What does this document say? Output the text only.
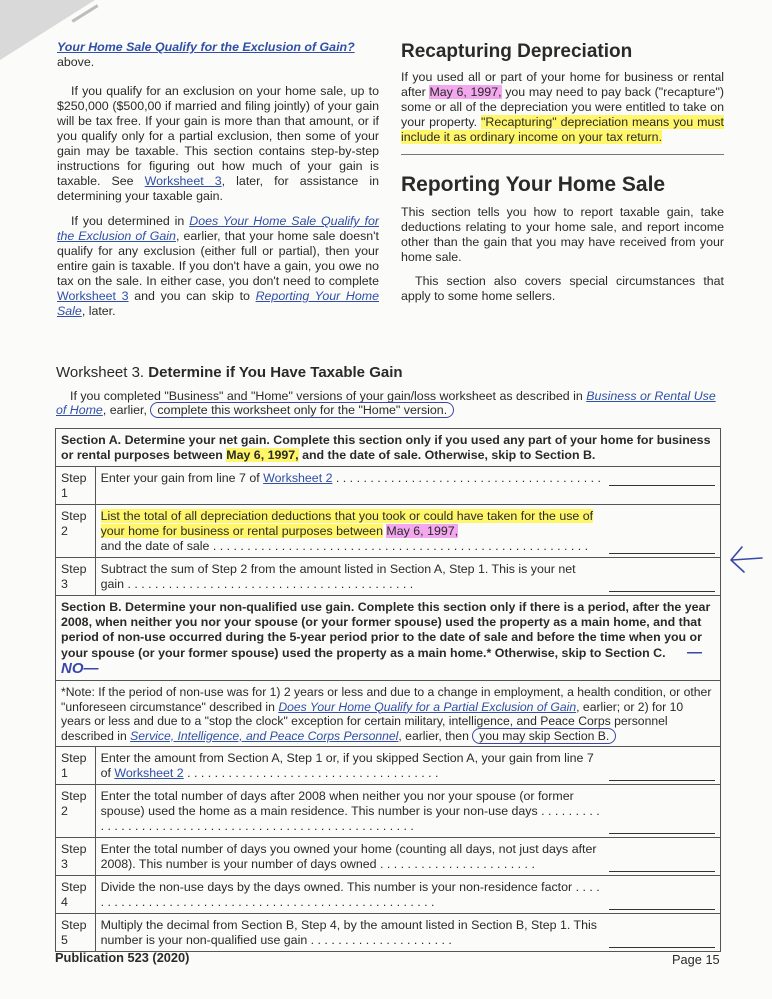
Your Home Sale Qualify for the Exclusion of Gain?
above.

If you qualify for an exclusion on your home sale, up to $250,000 ($500,00 if married and filing jointly) of your gain will be tax free. If your gain is more than that amount, or if you qualify only for a partial exclusion, then some of your gain may be taxable. This section contains step-by-step instructions for figuring out how much of your gain is taxable. See Worksheet 3, later, for assistance in determining your taxable gain.

If you determined in Does Your Home Sale Qualify for the Exclusion of Gain, earlier, that your home sale doesn't qualify for any exclusion (either full or partial), then your entire gain is taxable. If you don't have a gain, you owe no tax on the sale. In either case, you don't need to complete Worksheet 3 and you can skip to Reporting Your Home Sale, later.

Recapturing Depreciation

If you used all or part of your home for business or rental after May 6, 1997, you may need to pay back ("recapture") some or all of the depreciation you were entitled to take on your property. "Recapturing" depreciation means you must include it as ordinary income on your tax return.

Reporting Your Home Sale

This section tells you how to report taxable gain, take deductions relating to your home sale, and report income other than the gain that you may have received from your home sale.

This section also covers special circumstances that apply to some home sellers.

Worksheet 3. Determine if You Have Taxable Gain
If you completed "Business" and "Home" versions of your gain/loss worksheet as described in Business or Rental Use of Home, earlier, complete this worksheet only for the "Home" version.
Section A. Determine your net gain. Complete this section only if you used any part of your home for business or rental purposes between May 6, 1997, and the date of sale. Otherwise, skip to Section B.	
Step 1	Enter your gain from line 7 of Worksheet 2 . . . . . . . . . . . . . . . . . . . . . . . . . . . . . . . . . . . . . . .

Step 2	List the total of all depreciation deductions that you took or could have taken for the use of your home for business or rental purposes between May 6, 1997,
and the date of sale . . . . . . . . . . . . . . . . . . . . . . . . . . . . . . . . . . . . . . . . . . . . . . . . . . . . . . .

Step 3	Subtract the sum of Step 2 from the amount listed in Section A, Step 1. This is your net gain . . . . . . . . . . . . . . . . . . . . . . . . . . . . . . . . . . . . . . . . . .

Section B. Determine your non-qualified use gain. Complete this section only if there is a period, after the year 2008, when neither you nor your spouse (or your former spouse) used the property as a main home, and that period of non-use occurred during the 5-year period prior to the date of sale and before the time when you or your spouse (or your former spouse) used the property as a main home.* Otherwise, skip to Section C. —NO—	
*Note: If the period of non-use was for 1) 2 years or less and due to a change in employment, a health condition, or other "unforeseen circumstance" described in Does Your Home Qualify for a Partial Exclusion of Gain, earlier; or 2) for 10 years or less and due to a "stop the clock" exception for certain military, intelligence, and Peace Corps personnel described in Service, Intelligence, and Peace Corps Personnel, earlier, then you may skip Section B.	
Step 1	Enter the amount from Section A, Step 1 or, if you skipped Section A, your gain from line 7 of Worksheet 2 . . . . . . . . . . . . . . . . . . . . . . . . . . . . . . . . . . . . .

Step 2	Enter the total number of days after 2008 when neither you nor your spouse (or former spouse) used the home as a main residence. This number is your non-use days . . . . . . . . . . . . . . . . . . . . . . . . . . . . . . . . . . . . . . . . . . . . . . . . . . . . . . .

Step 3	Enter the total number of days you owned your home (counting all days, not just days after 2008). This number is your number of days owned . . . . . . . . . . . . . . . . . . . . . . .

Step 4	Divide the non-use days by the days owned. This number is your non-residence factor . . . . . . . . . . . . . . . . . . . . . . . . . . . . . . . . . . . . . . . . . . . . . . . . . . . . .

Step 5	Multiply the decimal from Section B, Step 4, by the amount listed in Section B, Step 1. This number is your non-qualified use gain . . . . . . . . . . . . . . . . . . . . .
Publication 523 (2020)	Page 15
